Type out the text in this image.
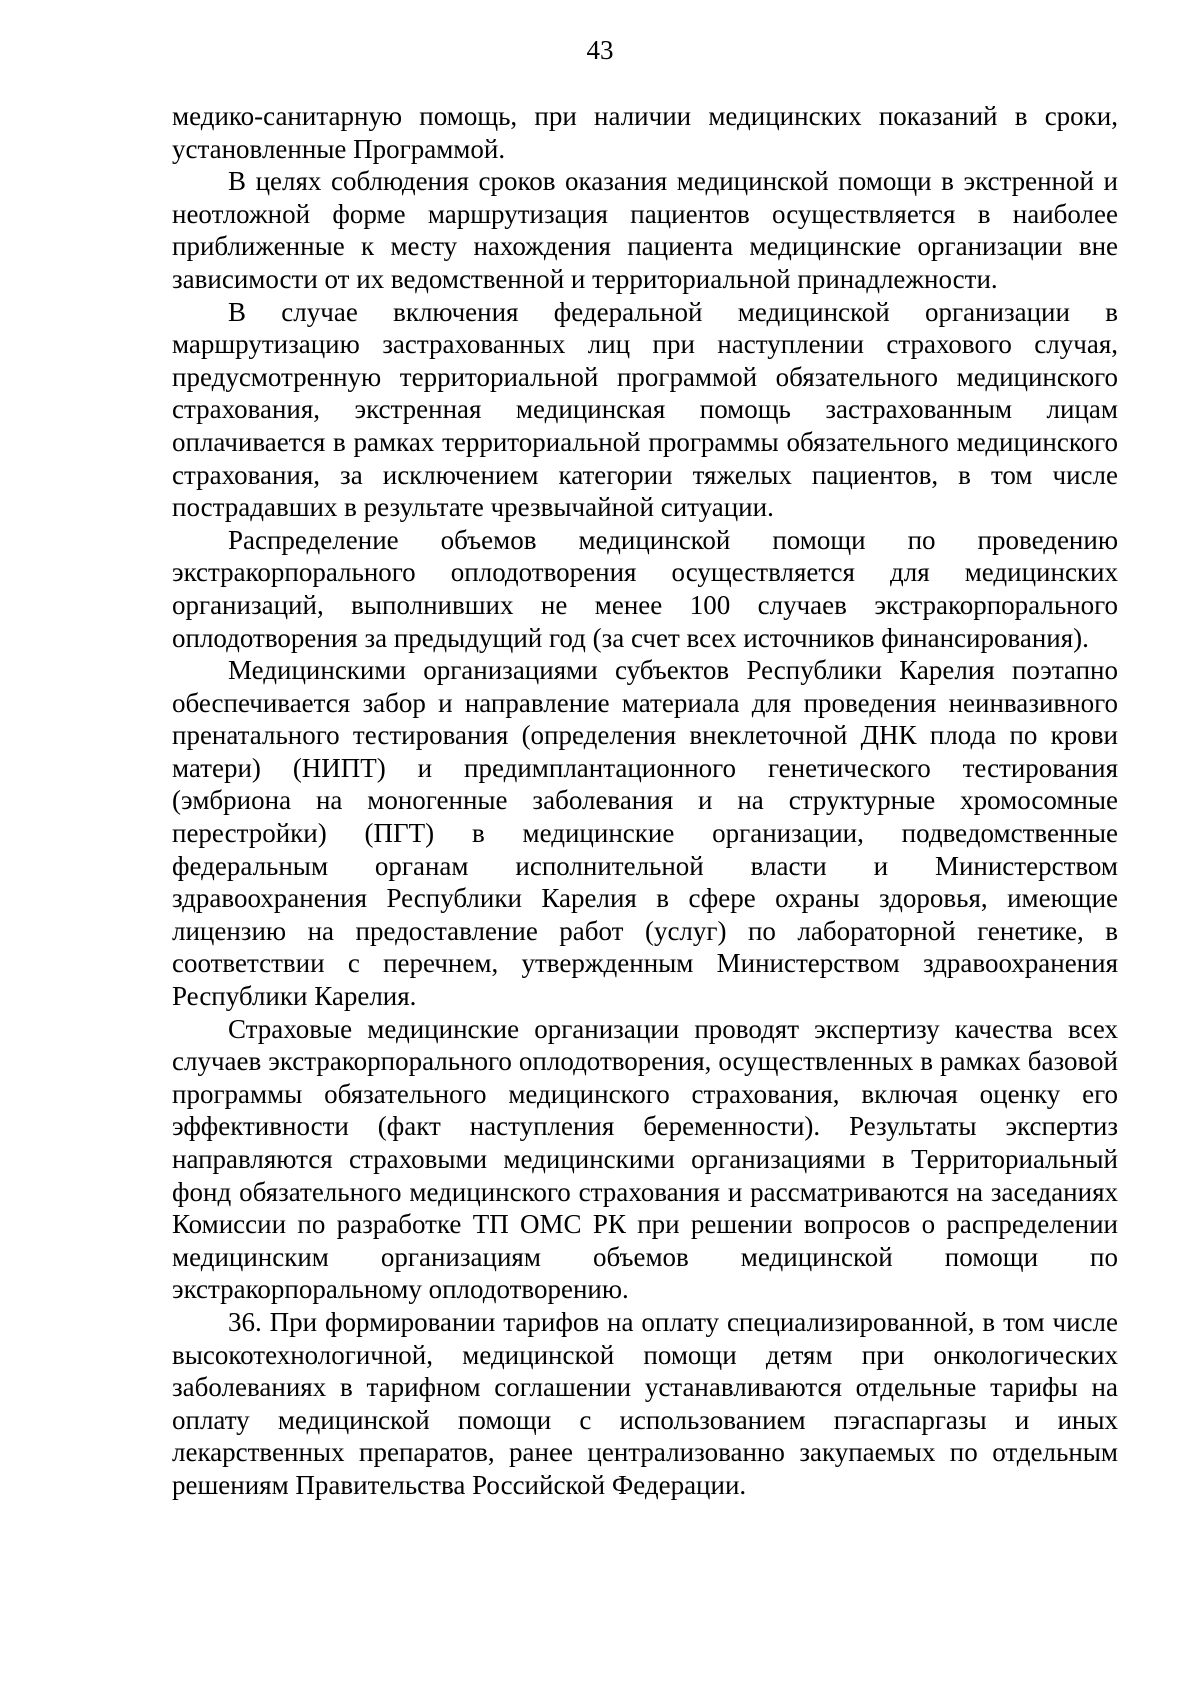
43

медико-санитарную помощь, при наличии медицинских показаний в сроки, установленные Программой.

В целях соблюдения сроков оказания медицинской помощи в экстренной и неотложной форме маршрутизация пациентов осуществляется в наиболее приближенные к месту нахождения пациента медицинские организации вне зависимости от их ведомственной и территориальной принадлежности.

В случае включения федеральной медицинской организации в маршрутизацию застрахованных лиц при наступлении страхового случая, предусмотренную территориальной программой обязательного медицинского страхования, экстренная медицинская помощь застрахованным лицам оплачивается в рамках территориальной программы обязательного медицинского страхования, за исключением категории тяжелых пациентов, в том числе пострадавших в результате чрезвычайной ситуации.

Распределение объемов медицинской помощи по проведению экстракорпорального оплодотворения осуществляется для медицинских организаций, выполнивших не менее 100 случаев экстракорпорального оплодотворения за предыдущий год (за счет всех источников финансирования).

Медицинскими организациями субъектов Республики Карелия поэтапно обеспечивается забор и направление материала для проведения неинвазивного пренатального тестирования (определения внеклеточной ДНК плода по крови матери) (НИПТ) и предимплантационного генетического тестирования (эмбриона на моногенные заболевания и на структурные хромосомные перестройки) (ПГТ) в медицинские организации, подведомственные федеральным органам исполнительной власти и Министерством здравоохранения Республики Карелия в сфере охраны здоровья, имеющие лицензию на предоставление работ (услуг) по лабораторной генетике, в соответствии с перечнем, утвержденным Министерством здравоохранения Республики Карелия.

Страховые медицинские организации проводят экспертизу качества всех случаев экстракорпорального оплодотворения, осуществленных в рамках базовой программы обязательного медицинского страхования, включая оценку его эффективности (факт наступления беременности). Результаты экспертиз направляются страховыми медицинскими организациями в Территориальный фонд обязательного медицинского страхования и рассматриваются на заседаниях Комиссии по разработке ТП ОМС РК при решении вопросов о распределении медицинским организациям объемов медицинской помощи по экстракорпоральному оплодотворению.

36. При формировании тарифов на оплату специализированной, в том числе высокотехнологичной, медицинской помощи детям при онкологических заболеваниях в тарифном соглашении устанавливаются отдельные тарифы на оплату медицинской помощи с использованием пэгаспаргазы и иных лекарственных препаратов, ранее централизованно закупаемых по отдельным решениям Правительства Российской Федерации.
